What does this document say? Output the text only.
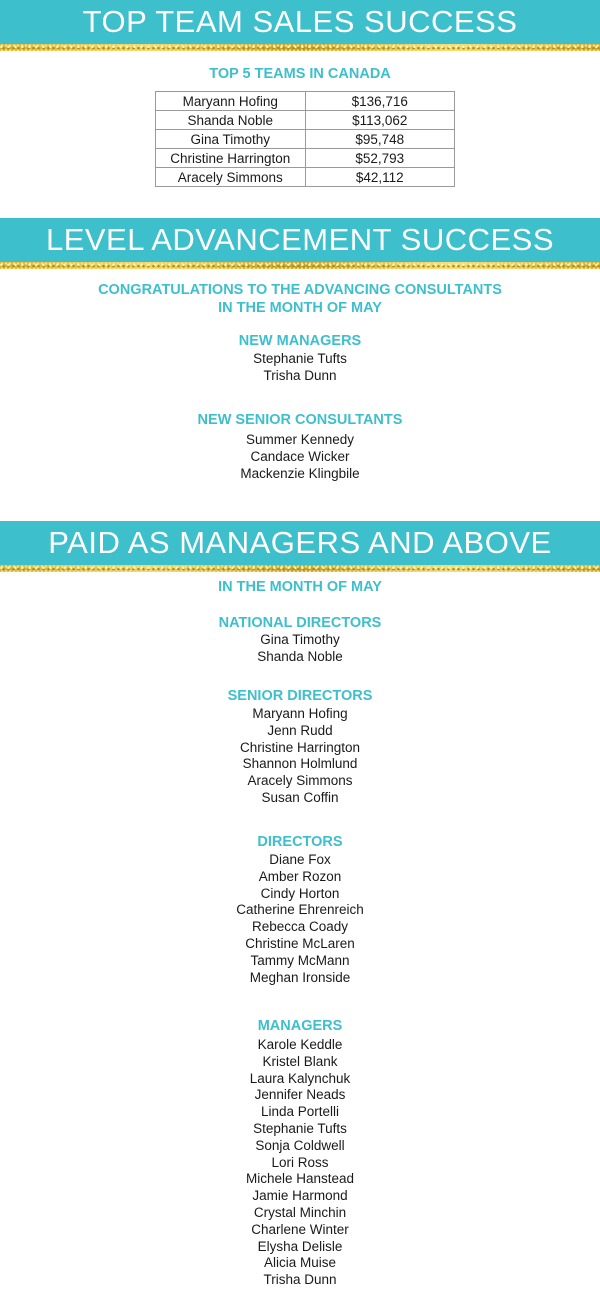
TOP TEAM SALES SUCCESS
TOP 5 TEAMS IN CANADA
Maryann Hofing	$136,716
Shanda Noble	$113,062
Gina Timothy	$95,748
Christine Harrington	$52,793
Aracely Simmons	$42,112
LEVEL ADVANCEMENT SUCCESS
CONGRATULATIONS TO THE ADVANCING CONSULTANTS
IN THE MONTH OF MAY
NEW MANAGERS
Stephanie Tufts
Trisha Dunn
NEW SENIOR CONSULTANTS
Summer Kennedy
Candace Wicker
Mackenzie Klingbile
PAID AS MANAGERS AND ABOVE
IN THE MONTH OF MAY
NATIONAL DIRECTORS
Gina Timothy
Shanda Noble
SENIOR DIRECTORS
Maryann Hofing
Jenn Rudd
Christine Harrington
Shannon Holmlund
Aracely Simmons
Susan Coffin
DIRECTORS
Diane Fox
Amber Rozon
Cindy Horton
Catherine Ehrenreich
Rebecca Coady
Christine McLaren
Tammy McMann
Meghan Ironside
MANAGERS
Karole Keddle
Kristel Blank
Laura Kalynchuk
Jennifer Neads
Linda Portelli
Stephanie Tufts
Sonja Coldwell
Lori Ross
Michele Hanstead
Jamie Harmond
Crystal Minchin
Charlene Winter
Elysha Delisle
Alicia Muise
Trisha Dunn
